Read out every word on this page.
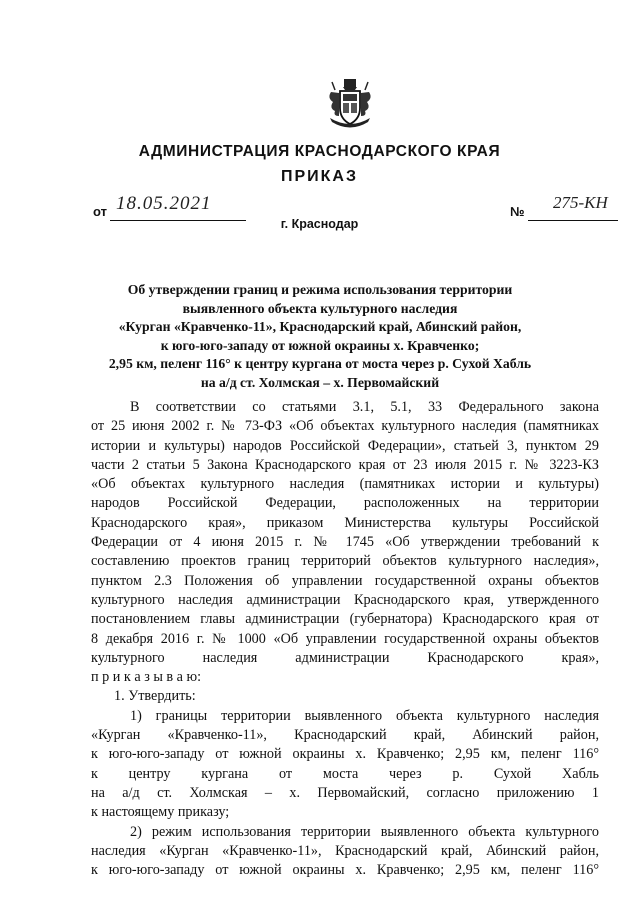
АДМИНИСТРАЦИЯ КРАСНОДАРСКОГО КРАЯ
ПРИКАЗ
от 18.05.2021
г. Краснодар
№ 275-КН
Об утверждении границ и режима использования территории
выявленного объекта культурного наследия
«Курган «Кравченко-11», Краснодарский край, Абинский район,
к юго-юго-западу от южной окраины х. Кравченко;
2,95 км, пеленг 116° к центру кургана от моста через р. Сухой Хабль
на а/д ст. Холмская – х. Первомайский
В соответствии со статьями 3.1, 5.1, 33 Федерального закона
от 25 июня 2002 г. № 73-ФЗ «Об объектах культурного наследия (памятниках
истории и культуры) народов Российской Федерации», статьей 3, пунктом 29
части 2 статьи 5 Закона Краснодарского края от 23 июля 2015 г. № 3223-КЗ
«Об объектах культурного наследия (памятниках истории и культуры)
народов Российской Федерации, расположенных на территории
Краснодарского края», приказом Министерства культуры Российской
Федерации от 4 июня 2015 г. № 1745 «Об утверждении требований к
составлению проектов границ территорий объектов культурного наследия»,
пунктом 2.3 Положения об управлении государственной охраны объектов
культурного наследия администрации Краснодарского края, утвержденного
постановлением главы администрации (губернатора) Краснодарского края от
8 декабря 2016 г. № 1000 «Об управлении государственной охраны объектов
культурного наследия администрации Краснодарского края»,
п р и к а з ы в а ю:
1. Утвердить:
1) границы территории выявленного объекта культурного наследия
«Курган «Кравченко-11», Краснодарский край, Абинский район,
к юго-юго-западу от южной окраины х. Кравченко; 2,95 км, пеленг 116°
к центру кургана от моста через р. Сухой Хабль
на а/д ст. Холмская – х. Первомайский, согласно приложению 1
к настоящему приказу;
2) режим использования территории выявленного объекта культурного
наследия «Курган «Кравченко-11», Краснодарский край, Абинский район,
к юго-юго-западу от южной окраины х. Кравченко; 2,95 км, пеленг 116°
